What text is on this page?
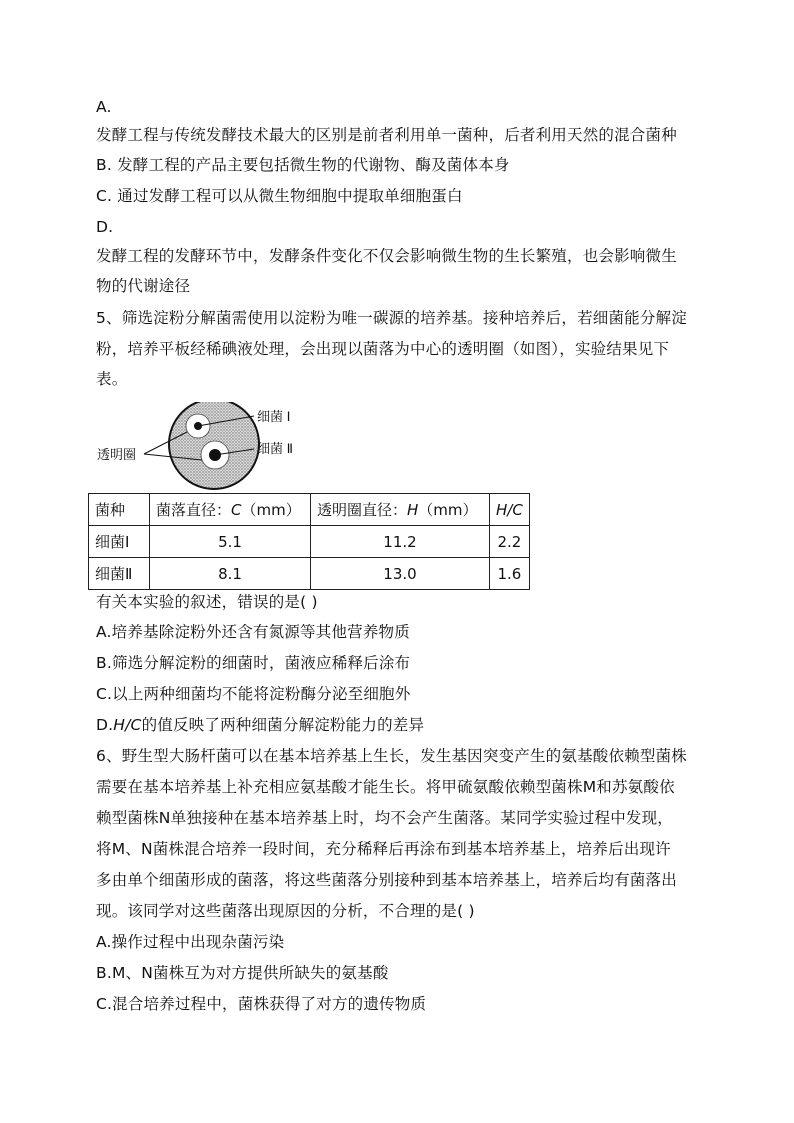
A.
发酵工程与传统发酵技术最大的区别是前者利用单一菌种，后者利用天然的混合菌种
B. 发酵工程的产品主要包括微生物的代谢物、酶及菌体本身
C. 通过发酵工程可以从微生物细胞中提取单细胞蛋白
D.
发酵工程的发酵环节中，发酵条件变化不仅会影响微生物的生长繁殖，也会影响微生
物的代谢途径
5、筛选淀粉分解菌需使用以淀粉为唯一碳源的培养基。接种培养后，若细菌能分解淀
粉，培养平板经稀碘液处理，会出现以菌落为中心的透明圈（如图），实验结果见下
表。
细菌 Ⅰ
细菌 Ⅱ
透明圈
菌种	菌落直径：C（mm）	透明圈直径：H（mm）	H/C
细菌Ⅰ	5.1	11.2	2.2
细菌Ⅱ	8.1	13.0	1.6
有关本实验的叙述，错误的是( )
A.培养基除淀粉外还含有氮源等其他营养物质
B.筛选分解淀粉的细菌时，菌液应稀释后涂布
C.以上两种细菌均不能将淀粉酶分泌至细胞外
D.H/C的值反映了两种细菌分解淀粉能力的差异
6、野生型大肠杆菌可以在基本培养基上生长，发生基因突变产生的氨基酸依赖型菌株
需要在基本培养基上补充相应氨基酸才能生长。将甲硫氨酸依赖型菌株M和苏氨酸依
赖型菌株N单独接种在基本培养基上时，均不会产生菌落。某同学实验过程中发现，
将M、N菌株混合培养一段时间，充分稀释后再涂布到基本培养基上，培养后出现许
多由单个细菌形成的菌落，将这些菌落分别接种到基本培养基上，培养后均有菌落出
现。该同学对这些菌落出现原因的分析，不合理的是( )
A.操作过程中出现杂菌污染
B.M、N菌株互为对方提供所缺失的氨基酸
C.混合培养过程中，菌株获得了对方的遗传物质
